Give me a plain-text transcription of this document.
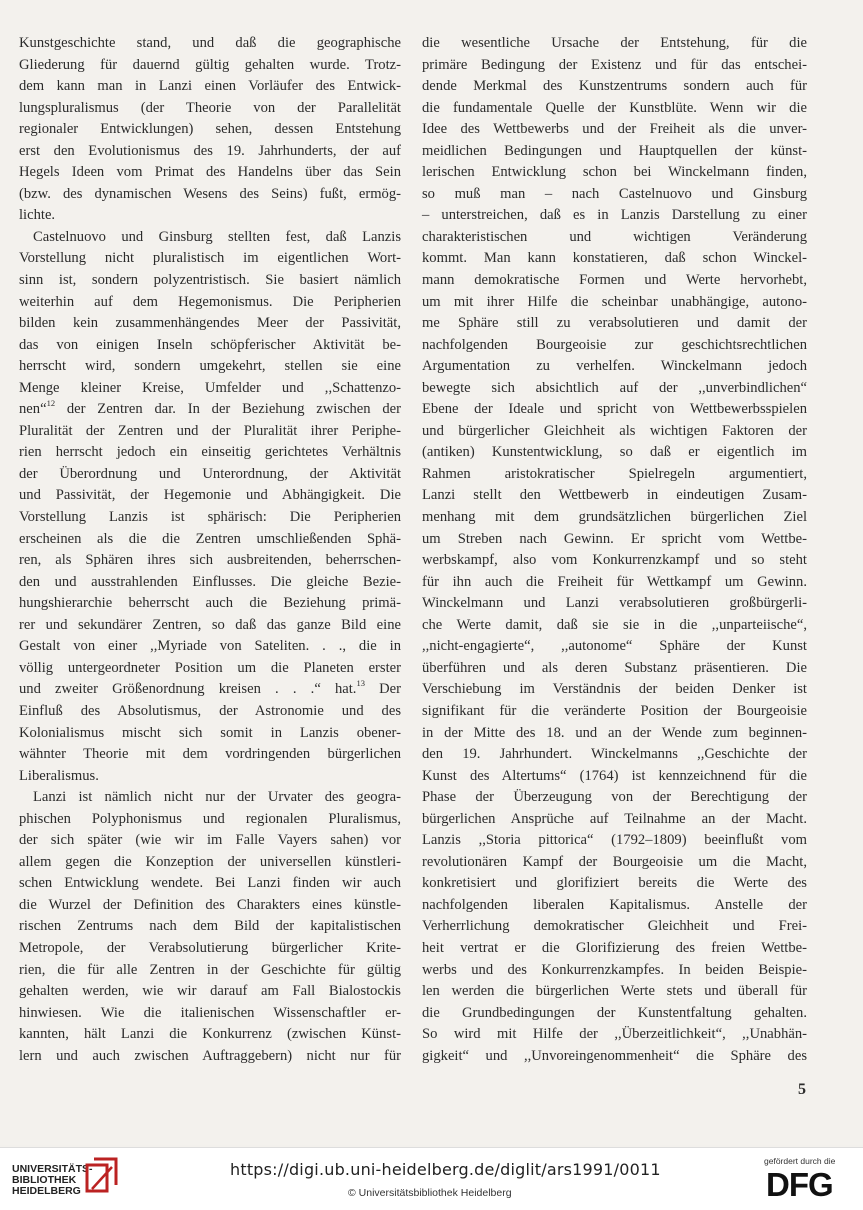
Kunstgeschichte stand, und daß die geographische
Gliederung für dauernd gültig gehalten wurde. Trotz-
dem kann man in Lanzi einen Vorläufer des Entwick-
lungspluralismus (der Theorie von der Parallelität
regionaler Entwicklungen) sehen, dessen Entstehung
erst den Evolutionismus des 19. Jahrhunderts, der auf
Hegels Ideen vom Primat des Handelns über das Sein
(bzw. des dynamischen Wesens des Seins) fußt, ermög-
lichte.
Castelnuovo und Ginsburg stellten fest, daß Lanzis
Vorstellung nicht pluralistisch im eigentlichen Wort-
sinn ist, sondern polyzentristisch. Sie basiert nämlich
weiterhin auf dem Hegemonismus. Die Peripherien
bilden kein zusammenhängendes Meer der Passivität,
das von einigen Inseln schöpferischer Aktivität be-
herrscht wird, sondern umgekehrt, stellen sie eine
Menge kleiner Kreise, Umfelder und ,,Schattenzo-
nen“$^{12}$ der Zentren dar. In der Beziehung zwischen der
Pluralität der Zentren und der Pluralität ihrer Periphe-
rien herrscht jedoch ein einseitig gerichtetes Verhältnis
der Überordnung und Unterordnung, der Aktivität
und Passivität, der Hegemonie und Abhängigkeit. Die
Vorstellung Lanzis ist sphärisch: Die Peripherien
erscheinen als die die Zentren umschließenden Sphä-
ren, als Sphären ihres sich ausbreitenden, beherrschen-
den und ausstrahlenden Einflusses. Die gleiche Bezie-
hungshierarchie beherrscht auch die Beziehung primä-
rer und sekundärer Zentren, so daß das ganze Bild eine
Gestalt von einer ,,Myriade von Sateliten. . ., die in
völlig untergeordneter Position um die Planeten erster
und zweiter Größenordnung kreisen . . .“ hat.$^{13}$ Der
Einfluß des Absolutismus, der Astronomie und des
Kolonialismus mischt sich somit in Lanzis obener-
wähnter Theorie mit dem vordringenden bürgerlichen
Liberalismus.
Lanzi ist nämlich nicht nur der Urvater des geogra-
phischen Polyphonismus und regionalen Pluralismus,
der sich später (wie wir im Falle Vayers sahen) vor
allem gegen die Konzeption der universellen künstleri-
schen Entwicklung wendete. Bei Lanzi finden wir auch
die Wurzel der Definition des Charakters eines künstle-
rischen Zentrums nach dem Bild der kapitalistischen
Metropole, der Verabsolutierung bürgerlicher Krite-
rien, die für alle Zentren in der Geschichte für gültig
gehalten werden, wie wir darauf am Fall Bialostockis
hinwiesen. Wie die italienischen Wissenschaftler er-
kannten, hält Lanzi die Konkurrenz (zwischen Künst-
lern und auch zwischen Auftraggebern) nicht nur für
die wesentliche Ursache der Entstehung, für die
primäre Bedingung der Existenz und für das entschei-
dende Merkmal des Kunstzentrums sondern auch für
die fundamentale Quelle der Kunstblüte. Wenn wir die
Idee des Wettbewerbs und der Freiheit als die unver-
meidlichen Bedingungen und Hauptquellen der künst-
lerischen Entwicklung schon bei Winckelmann finden,
so muß man – nach Castelnuovo und Ginsburg
– unterstreichen, daß es in Lanzis Darstellung zu einer
charakteristischen und wichtigen Veränderung
kommt. Man kann konstatieren, daß schon Winckel-
mann demokratische Formen und Werte hervorhebt,
um mit ihrer Hilfe die scheinbar unabhängige, autono-
me Sphäre still zu verabsolutieren und damit der
nachfolgenden Bourgeoisie zur geschichtsrechtlichen
Argumentation zu verhelfen. Winckelmann jedoch
bewegte sich absichtlich auf der ,,unverbindlichen“
Ebene der Ideale und spricht von Wettbewerbsspielen
und bürgerlicher Gleichheit als wichtigen Faktoren der
(antiken) Kunstentwicklung, so daß er eigentlich im
Rahmen aristokratischer Spielregeln argumentiert,
Lanzi stellt den Wettbewerb in eindeutigen Zusam-
menhang mit dem grundsätzlichen bürgerlichen Ziel
um Streben nach Gewinn. Er spricht vom Wettbe-
werbskampf, also vom Konkurrenzkampf und so steht
für ihn auch die Freiheit für Wettkampf um Gewinn.
Winckelmann und Lanzi verabsolutieren großbürgerli-
che Werte damit, daß sie sie in die ,,unparteiische“,
,,nicht-engagierte“, ,,autonome“ Sphäre der Kunst
überführen und als deren Substanz präsentieren. Die
Verschiebung im Verständnis der beiden Denker ist
signifikant für die veränderte Position der Bourgeoisie
in der Mitte des 18. und an der Wende zum beginnen-
den 19. Jahrhundert. Winckelmanns ,,Geschichte der
Kunst des Altertums“ (1764) ist kennzeichnend für die
Phase der Überzeugung von der Berechtigung der
bürgerlichen Ansprüche auf Teilnahme an der Macht.
Lanzis ,,Storia pittorica“ (1792–1809) beeinflußt vom
revolutionären Kampf der Bourgeoisie um die Macht,
konkretisiert und glorifiziert bereits die Werte des
nachfolgenden liberalen Kapitalismus. Anstelle der
Verherrlichung demokratischer Gleichheit und Frei-
heit vertrat er die Glorifizierung des freien Wettbe-
werbs und des Konkurrenzkampfes. In beiden Beispie-
len werden die bürgerlichen Werte stets und überall für
die Grundbedingungen der Kunstentfaltung gehalten.
So wird mit Hilfe der ,,Überzeitlichkeit“, ,,Unabhän-
gigkeit“ und ,,Unvoreingenommenheit“ die Sphäre des
5
UNIVERSITÄTS-
BIBLIOTHEK
HEIDELBERG
https://digi.ub.uni-heidelberg.de/diglit/ars1991/0011
© Universitätsbibliothek Heidelberg
gefördert durch die
DFG
